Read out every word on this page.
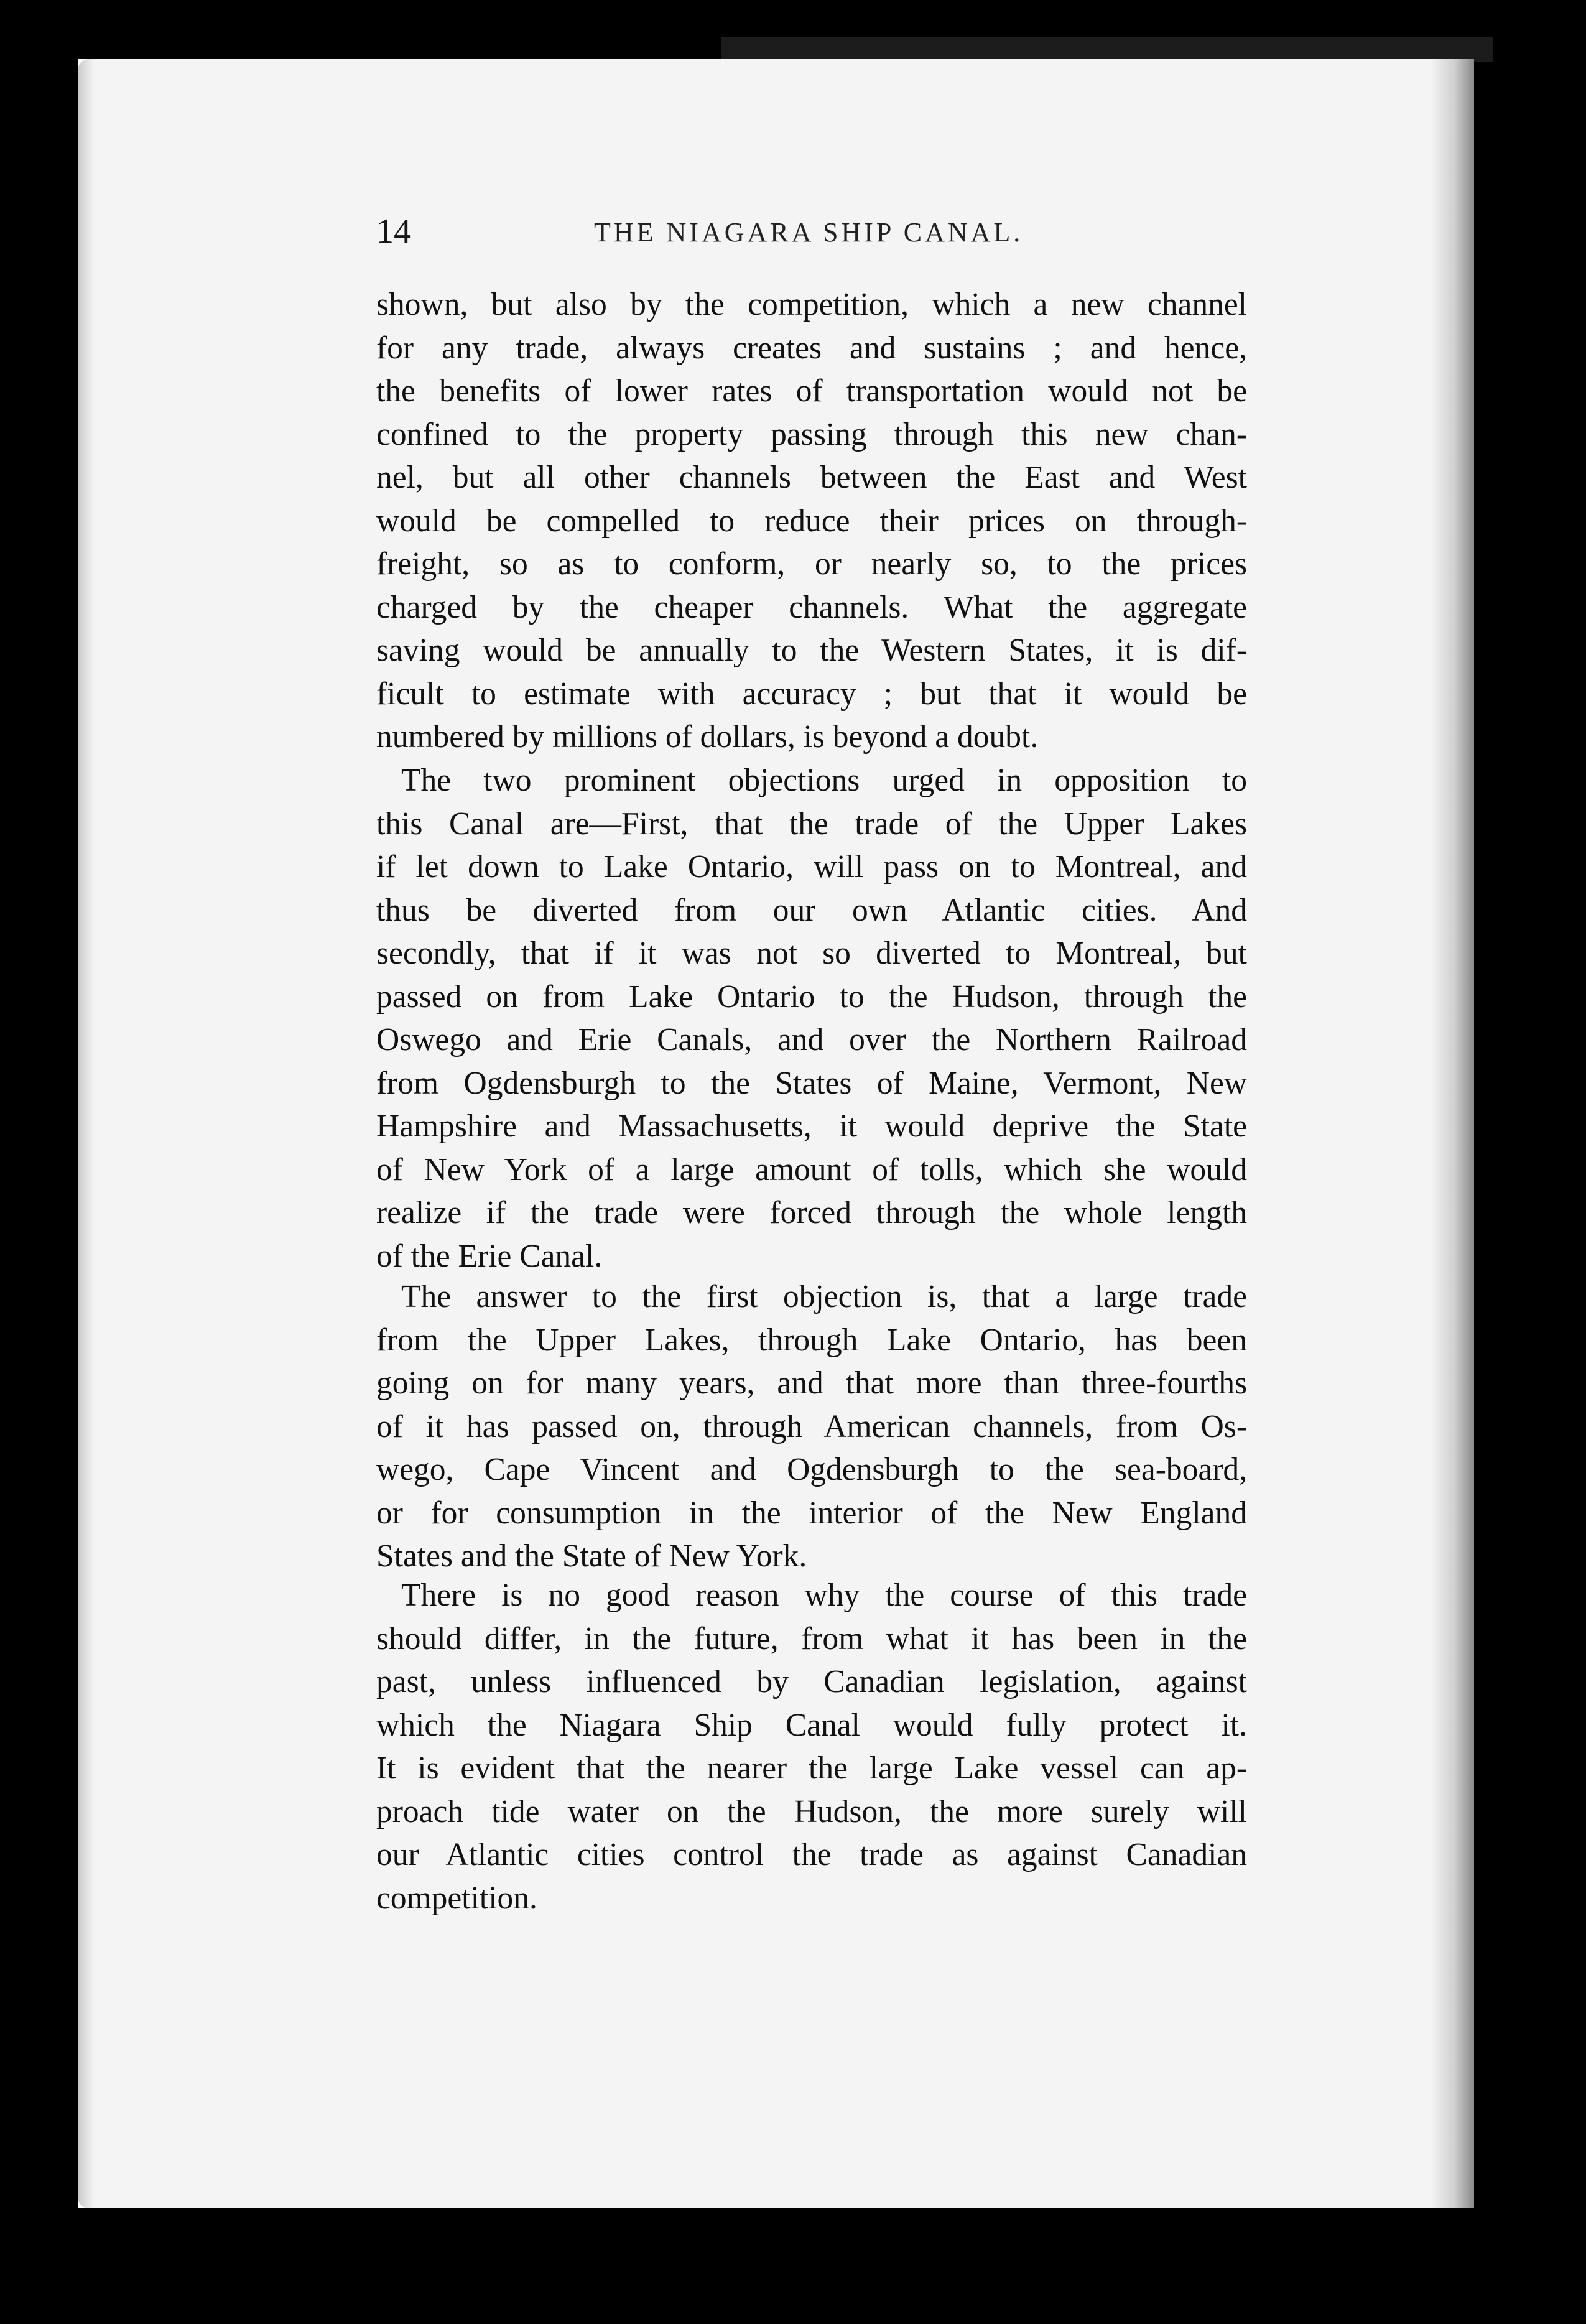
14	THE NIAGARA SHIP CANAL.
shown, but also by the competition, which a new channel
for any trade, always creates and sustains ; and hence,
the benefits of lower rates of transportation would not be
confined to the property passing through this new chan-
nel, but all other channels between the East and West
would be compelled to reduce their prices on through-
freight, so as to conform, or nearly so, to the prices
charged by the cheaper channels. What the aggregate
saving would be annually to the Western States, it is dif-
ficult to estimate with accuracy ; but that it would be
numbered by millions of dollars, is beyond a doubt.
The two prominent objections urged in opposition to
this Canal are—First, that the trade of the Upper Lakes
if let down to Lake Ontario, will pass on to Montreal, and
thus be diverted from our own Atlantic cities. And
secondly, that if it was not so diverted to Montreal, but
passed on from Lake Ontario to the Hudson, through the
Oswego and Erie Canals, and over the Northern Railroad
from Ogdensburgh to the States of Maine, Vermont, New
Hampshire and Massachusetts, it would deprive the State
of New York of a large amount of tolls, which she would
realize if the trade were forced through the whole length
of the Erie Canal.
The answer to the first objection is, that a large trade
from the Upper Lakes, through Lake Ontario, has been
going on for many years, and that more than three-fourths
of it has passed on, through American channels, from Os-
wego, Cape Vincent and Ogdensburgh to the sea-board,
or for consumption in the interior of the New England
States and the State of New York.
There is no good reason why the course of this trade
should differ, in the future, from what it has been in the
past, unless influenced by Canadian legislation, against
which the Niagara Ship Canal would fully protect it.
It is evident that the nearer the large Lake vessel can ap-
proach tide water on the Hudson, the more surely will
our Atlantic cities control the trade as against Canadian
competition.
